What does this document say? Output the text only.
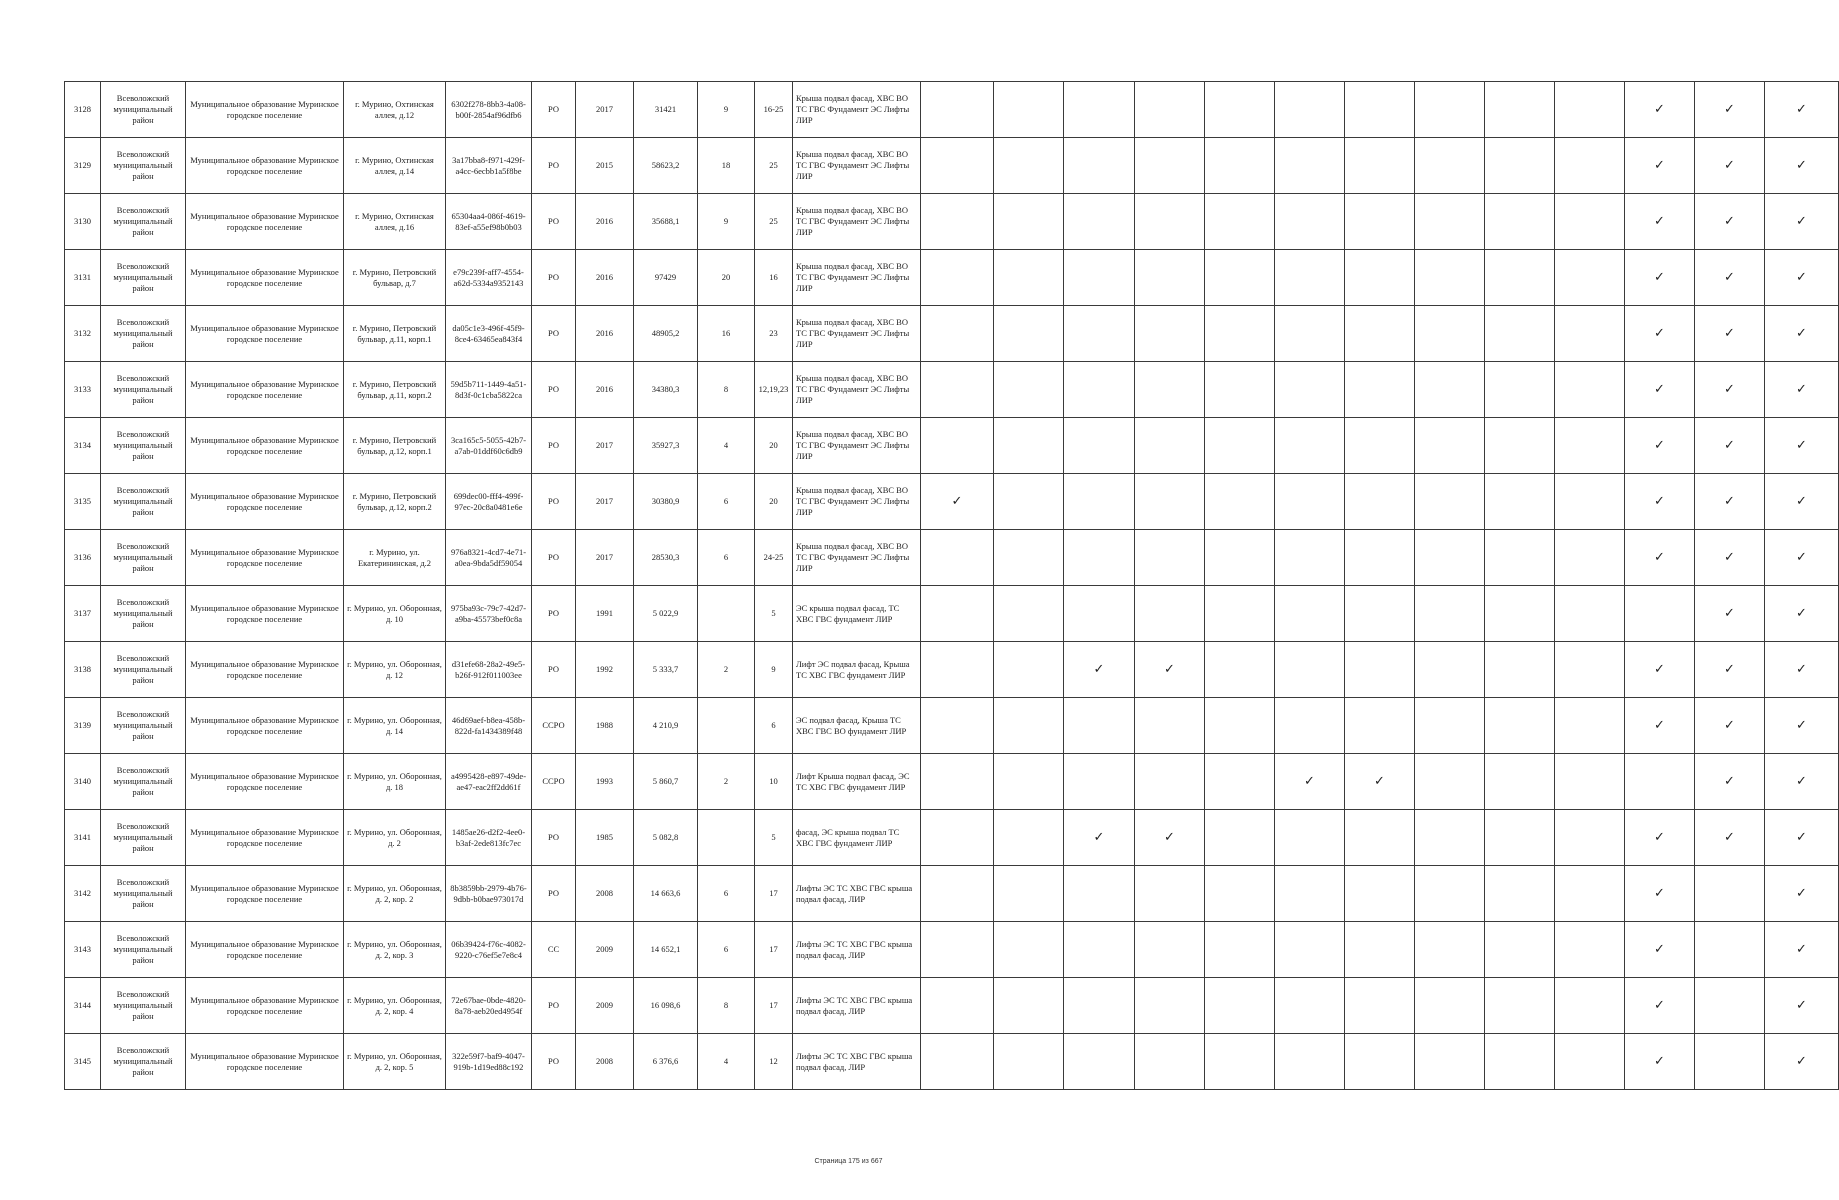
3128	Всеволожский муниципальный район	Муниципальное образование Муринское городское поселение	г. Мурино, Охтинская аллея, д.12	6302f278-8bb3-4a08-b00f-2854af96dfb6	РО	2017	31421	9	16-25	Крыша подвал фасад, ХВС ВО ТС ГВС Фундамент ЭС Лифты ЛИР											✓	✓	✓
3129	Всеволожский муниципальный район	Муниципальное образование Муринское городское поселение	г. Мурино, Охтинская аллея, д.14	3a17bba8-f971-429f-a4cc-6ecbb1a5f8be	РО	2015	58623,2	18	25	Крыша подвал фасад, ХВС ВО ТС ГВС Фундамент ЭС Лифты ЛИР											✓	✓	✓
3130	Всеволожский муниципальный район	Муниципальное образование Муринское городское поселение	г. Мурино, Охтинская аллея, д.16	65304aa4-086f-4619-83ef-a55ef98b0b03	РО	2016	35688,1	9	25	Крыша подвал фасад, ХВС ВО ТС ГВС Фундамент ЭС Лифты ЛИР											✓	✓	✓
3131	Всеволожский муниципальный район	Муниципальное образование Муринское городское поселение	г. Мурино, Петровский бульвар, д.7	e79c239f-aff7-4554-a62d-5334a9352143	РО	2016	97429	20	16	Крыша подвал фасад, ХВС ВО ТС ГВС Фундамент ЭС Лифты ЛИР											✓	✓	✓
3132	Всеволожский муниципальный район	Муниципальное образование Муринское городское поселение	г. Мурино, Петровский бульвар, д.11, корп.1	da05c1e3-496f-45f9-8ce4-63465ea843f4	РО	2016	48905,2	16	23	Крыша подвал фасад, ХВС ВО ТС ГВС Фундамент ЭС Лифты ЛИР											✓	✓	✓
3133	Всеволожский муниципальный район	Муниципальное образование Муринское городское поселение	г. Мурино, Петровский бульвар, д.11, корп.2	59d5b711-1449-4a51-8d3f-0c1cba5822ca	РО	2016	34380,3	8	12,19,23	Крыша подвал фасад, ХВС ВО ТС ГВС Фундамент ЭС Лифты ЛИР											✓	✓	✓
3134	Всеволожский муниципальный район	Муниципальное образование Муринское городское поселение	г. Мурино, Петровский бульвар, д.12, корп.1	3ca165c5-5055-42b7-a7ab-01ddf60c6db9	РО	2017	35927,3	4	20	Крыша подвал фасад, ХВС ВО ТС ГВС Фундамент ЭС Лифты ЛИР											✓	✓	✓
3135	Всеволожский муниципальный район	Муниципальное образование Муринское городское поселение	г. Мурино, Петровский бульвар, д.12, корп.2	699dec00-fff4-499f-97ec-20c8a0481e6e	РО	2017	30380,9	6	20	Крыша подвал фасад, ХВС ВО ТС ГВС Фундамент ЭС Лифты ЛИР	✓										✓	✓	✓
3136	Всеволожский муниципальный район	Муниципальное образование Муринское городское поселение	г. Мурино, ул. Екатерининская, д.2	976a8321-4cd7-4e71-a0ea-9bda5df59054	РО	2017	28530,3	6	24-25	Крыша подвал фасад, ХВС ВО ТС ГВС Фундамент ЭС Лифты ЛИР											✓	✓	✓
3137	Всеволожский муниципальный район	Муниципальное образование Муринское городское поселение	г. Мурино, ул. Оборонная, д. 10	975ba93c-79c7-42d7-a9ba-45573bef0c8a	РО	1991	5 022,9		5	ЭС крыша подвал фасад, ТС ХВС ГВС фундамент ЛИР												✓	✓
3138	Всеволожский муниципальный район	Муниципальное образование Муринское городское поселение	г. Мурино, ул. Оборонная, д. 12	d31efe68-28a2-49e5-b26f-912f011003ee	РО	1992	5 333,7	2	9	Лифт ЭС подвал фасад, Крыша ТС ХВС ГВС фундамент ЛИР			✓	✓							✓	✓	✓
3139	Всеволожский муниципальный район	Муниципальное образование Муринское городское поселение	г. Мурино, ул. Оборонная, д. 14	46d69aef-b8ea-458b-822d-fa1434389f48	ССРО	1988	4 210,9		6	ЭС подвал фасад, Крыша ТС ХВС ГВС ВО фундамент ЛИР											✓	✓	✓
3140	Всеволожский муниципальный район	Муниципальное образование Муринское городское поселение	г. Мурино, ул. Оборонная, д. 18	a4995428-e897-49de-ae47-eac2ff2dd61f	ССРО	1993	5 860,7	2	10	Лифт Крыша подвал фасад, ЭС ТС ХВС ГВС фундамент ЛИР						✓	✓					✓	✓
3141	Всеволожский муниципальный район	Муниципальное образование Муринское городское поселение	г. Мурино, ул. Оборонная, д. 2	1485ae26-d2f2-4ee0-b3af-2ede813fc7ec	РО	1985	5 082,8		5	фасад, ЭС крыша подвал ТС ХВС ГВС фундамент ЛИР			✓	✓							✓	✓	✓
3142	Всеволожский муниципальный район	Муниципальное образование Муринское городское поселение	г. Мурино, ул. Оборонная, д. 2, кор. 2	8b3859bb-2979-4b76-9dbb-b0bae973017d	РО	2008	14 663,6	6	17	Лифты ЭС ТС ХВС ГВС крыша подвал фасад, ЛИР											✓		✓
3143	Всеволожский муниципальный район	Муниципальное образование Муринское городское поселение	г. Мурино, ул. Оборонная, д. 2, кор. 3	06b39424-f76c-4082-9220-c76ef5e7e8c4	СС	2009	14 652,1	6	17	Лифты ЭС ТС ХВС ГВС крыша подвал фасад, ЛИР											✓		✓
3144	Всеволожский муниципальный район	Муниципальное образование Муринское городское поселение	г. Мурино, ул. Оборонная, д. 2, кор. 4	72e67bae-0bde-4820-8a78-aeb20ed4954f	РО	2009	16 098,6	8	17	Лифты ЭС ТС ХВС ГВС крыша подвал фасад, ЛИР											✓		✓
3145	Всеволожский муниципальный район	Муниципальное образование Муринское городское поселение	г. Мурино, ул. Оборонная, д. 2, кор. 5	322e59f7-baf9-4047-919b-1d19ed88c192	РО	2008	6 376,6	4	12	Лифты ЭС ТС ХВС ГВС крыша подвал фасад, ЛИР											✓		✓
Страница 175 из 667
